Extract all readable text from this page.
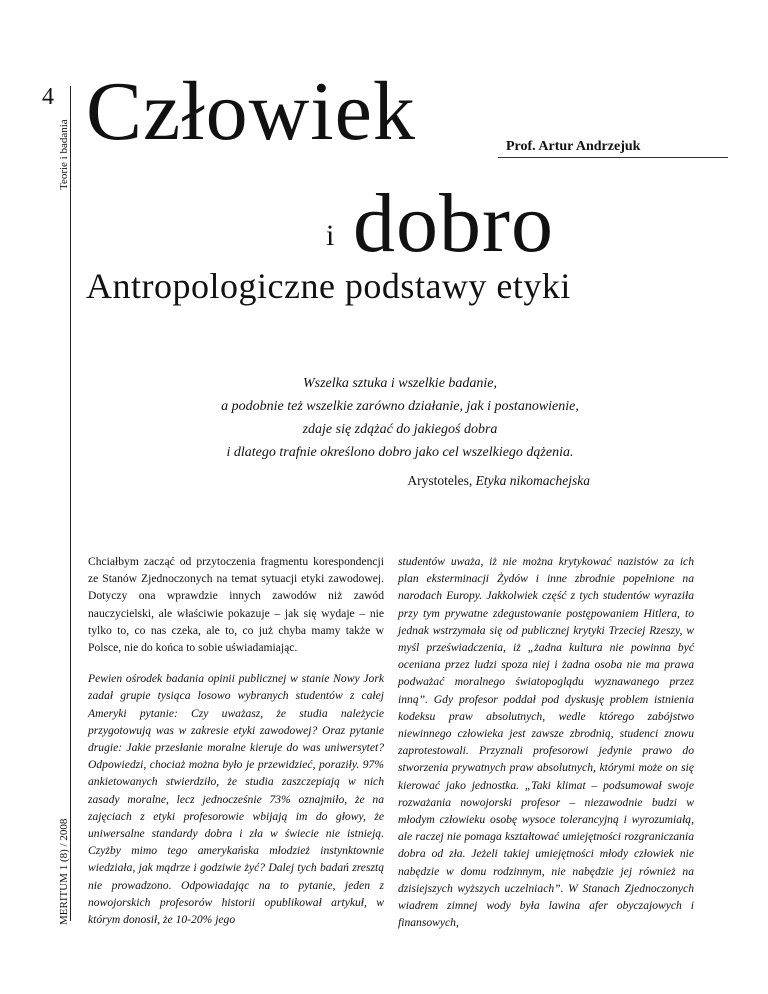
4
Teorie i badania
MERITUM 1 (8) / 2008
Człowiek	Prof. Artur Andrzejuk
i dobro
Antropologiczne podstawy etyki
Wszelka sztuka i wszelkie badanie,
a podobnie też wszelkie zarówno działanie, jak i postanowienie,
zdaje się zdążać do jakiegoś dobra
i dlatego trafnie określono dobro jako cel wszelkiego dążenia.
Arystoteles, Etyka nikomachejska

Chciałbym zacząć od przytoczenia fragmentu korespondencji ze Stanów Zjednoczonych na temat sytuacji etyki zawodowej. Dotyczy ona wprawdzie innych zawodów niż zawód nauczycielski, ale właściwie pokazuje – jak się wydaje – nie tylko to, co nas czeka, ale to, co już chyba mamy także w Polsce, nie do końca to sobie uświadamiając.

Pewien ośrodek badania opinii publicznej w stanie Nowy Jork zadał grupie tysiąca losowo wybranych studentów z całej Ameryki pytanie: Czy uważasz, że studia należycie przygotowują was w zakresie etyki zawodowej? Oraz pytanie drugie: Jakie przesłanie moralne kieruje do was uniwersytet? Odpowiedzi, chociaż można było je przewidzieć, poraziły. 97% ankietowanych stwierdziło, że studia zaszczepiają w nich zasady moralne, lecz jednocześnie 73% oznajmiło, że na zajęciach z etyki profesorowie wbijają im do głowy, że uniwersalne standardy dobra i zła w świecie nie istnieją. Czyżby mimo tego amerykańska młodzież instynktownie wiedziała, jak mądrze i godziwie żyć? Dalej tych badań zresztą nie prowadzono. Odpowiadając na to pytanie, jeden z nowojorskich profesorów historii opublikował artykuł, w którym donosił, że 10-20% jego

studentów uważa, iż nie można krytykować nazistów za ich plan eksterminacji Żydów i inne zbrodnie popełnione na narodach Europy. Jakkolwiek część z tych studentów wyraziła przy tym prywatne zdegustowanie postępowaniem Hitlera, to jednak wstrzymała się od publicznej krytyki Trzeciej Rzeszy, w myśl przeświadczenia, iż „żadna kultura nie powinna być oceniana przez ludzi spoza niej i żadna osoba nie ma prawa podważać moralnego światopoglądu wyznawanego przez inną”. Gdy profesor poddał pod dyskusję problem istnienia kodeksu praw absolutnych, wedle którego zabójstwo niewinnego człowieka jest zawsze zbrodnią, studenci znowu zaprotestowali. Przyznali profesorowi jedynie prawo do stworzenia prywatnych praw absolutnych, którymi może on się kierować jako jednostka. „Taki klimat – podsumował swoje rozważania nowojorski profesor – niezawodnie budzi w młodym człowieku osobę wysoce tolerancyjną i wyrozumiałą, ale raczej nie pomaga kształtować umiejętności rozgraniczania dobra od zła. Jeżeli takiej umiejętności młody człowiek nie nabędzie w domu rodzinnym, nie nabędzie jej również na dzisiejszych wyższych uczelniach”. W Stanach Zjednoczonych wiadrem zimnej wody była lawina afer obyczajowych i finansowych,
